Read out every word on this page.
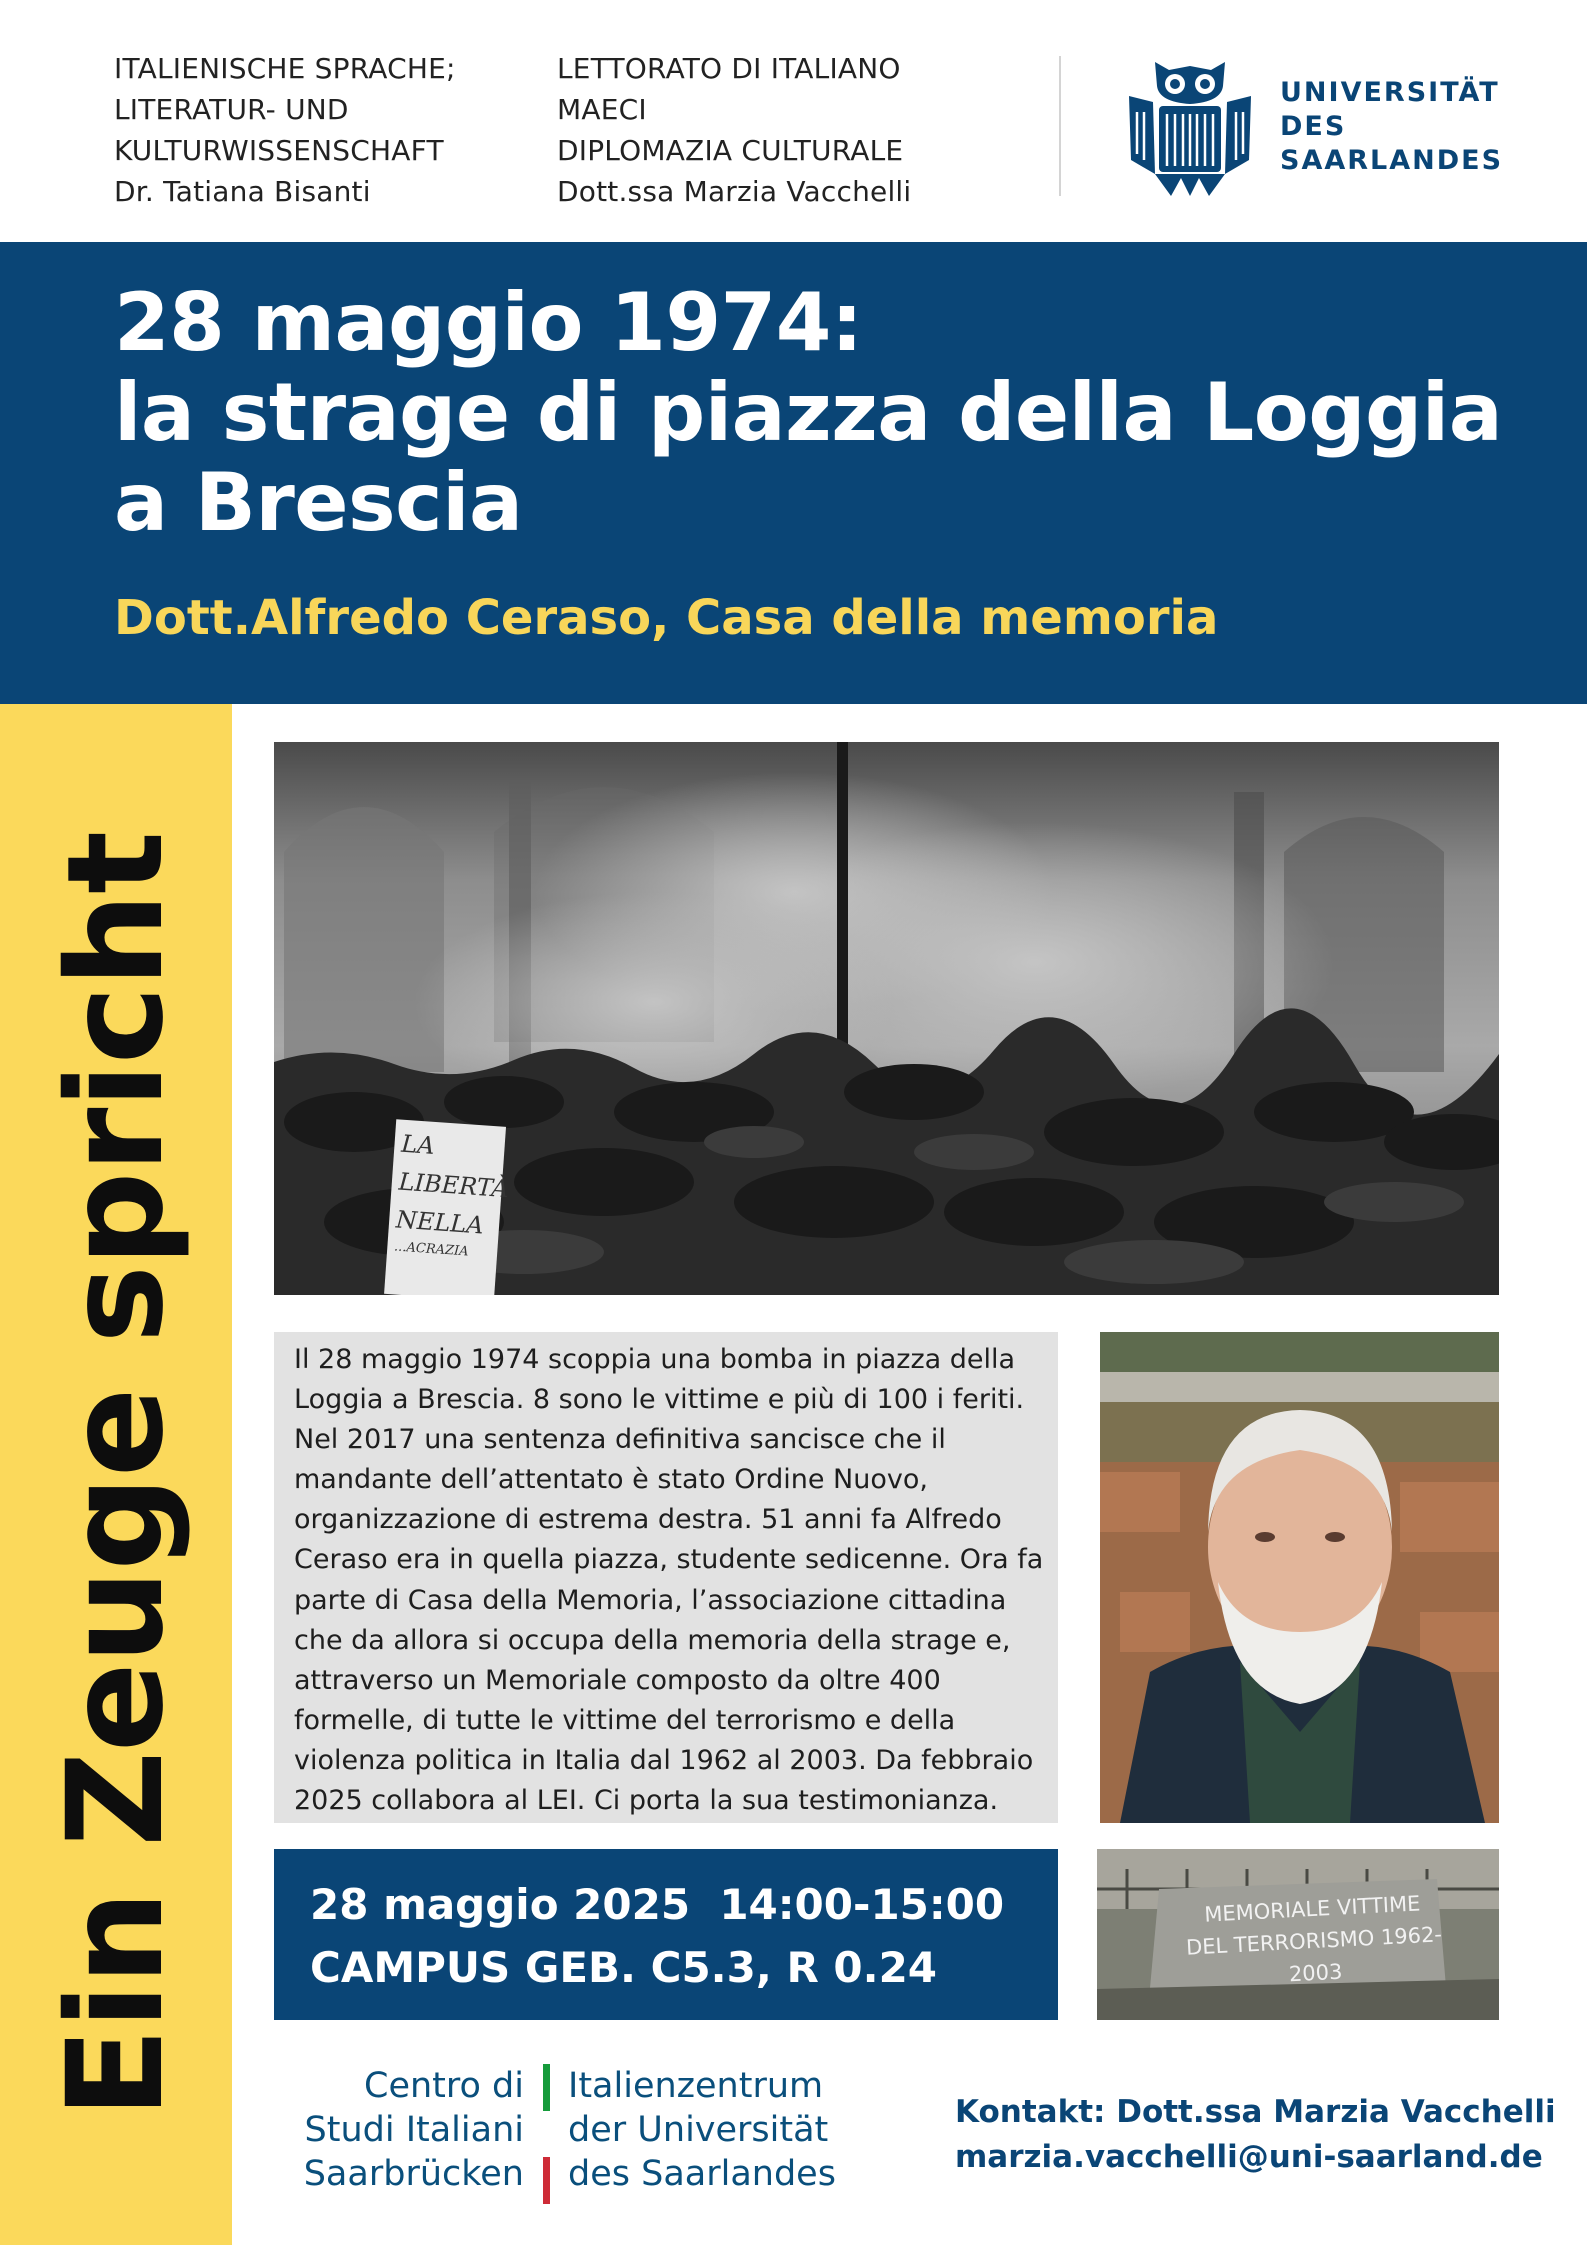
ITALIENISCHE SPRACHE;
LITERATUR- UND
KULTURWISSENSCHAFT
Dr. Tatiana Bisanti
LETTORATO DI ITALIANO
MAECI
DIPLOMAZIA CULTURALE
Dott.ssa Marzia Vacchelli
UNIVERSITÄT
DES
SAARLANDES
28 maggio 1974:
la strage di piazza della Loggia
a Brescia
Dott.Alfredo Ceraso, Casa della memoria
Ein Zeuge spricht	LA
LIBERTÀ
NELLA
...ACRAZIA

Il 28 maggio 1974 scoppia una bomba in piazza della Loggia a Brescia. 8 sono le vittime e più di 100 i feriti. Nel 2017 una sentenza definitiva sancisce che il mandante dell’attentato è stato Ordine Nuovo, organizzazione di estrema destra. 51 anni fa Alfredo Ceraso era in quella piazza, studente sedicenne. Ora fa parte di Casa della Memoria, l’associazione cittadina che da allora si occupa della memoria della strage e, attraverso un Memoriale composto da oltre 400 formelle, di tutte le vittime del terrorismo e della violenza politica in Italia dal 1962 al 2003. Da febbraio 2025 collabora al LEI. Ci porta la sua testimonianza.

28 maggio 2025  14:00-15:00
CAMPUS GEB. C5.3, R 0.24
MEMORIALE VITTIME
DEL TERRORISMO 1962-2003
Centro di
Studi Italiani
Saarbrücken
Italienzentrum
der Universität
des Saarlandes
Kontakt: Dott.ssa Marzia Vacchelli
marzia.vacchelli@uni-saarland.de
